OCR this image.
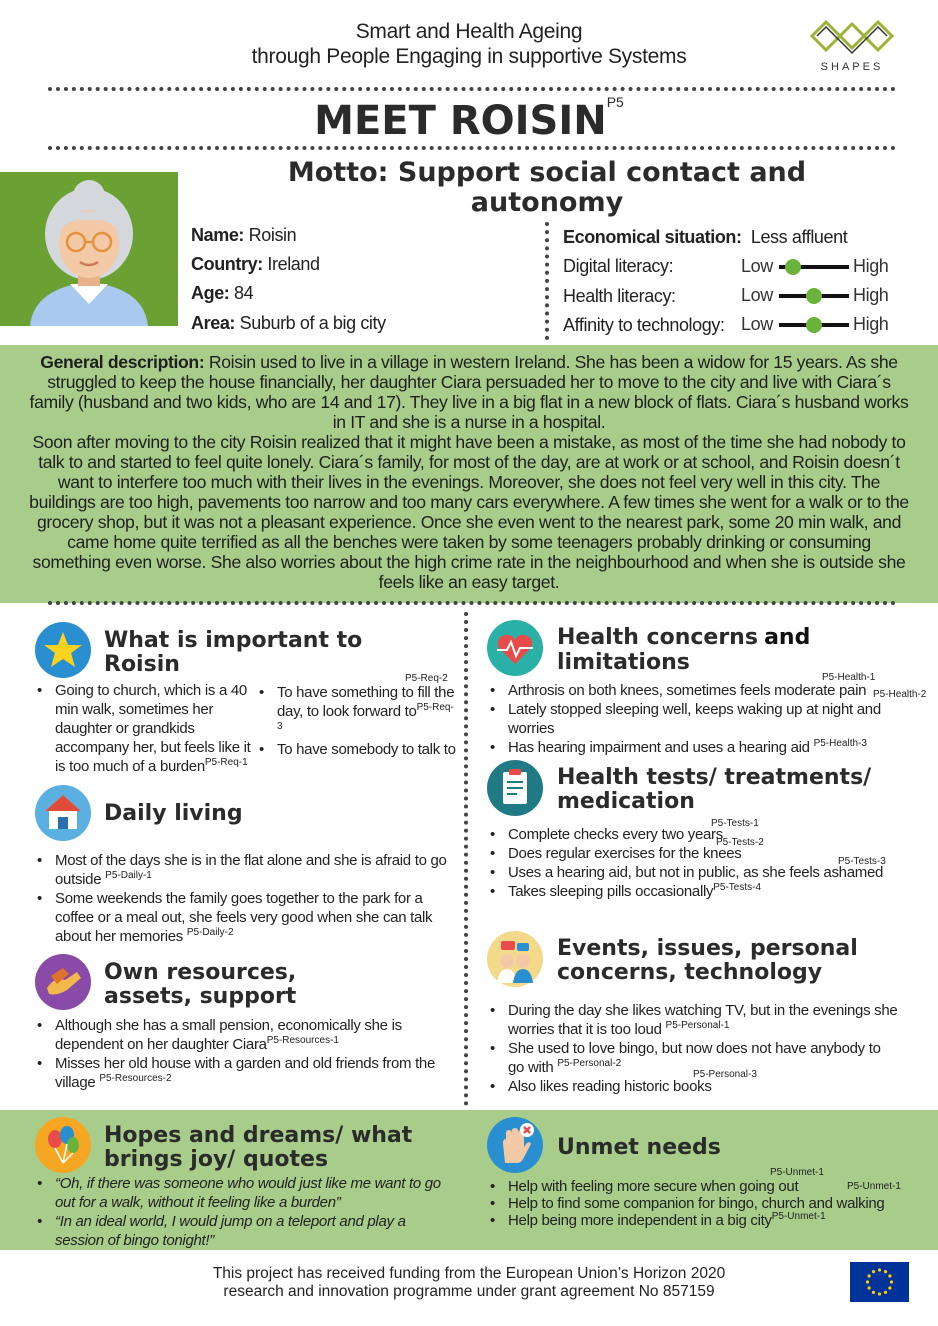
Smart and Health Ageing
through People Engaging in supportive Systems	SHAPES
MEET $ROISIN^{P5}$
Motto: Support social contact and autonomy
Name: Roisin
Country: Ireland
Age: 84
Area: Suburb of a big city
Economical situation: Less affluent
Digital literacy:	Low	High
Health literacy:	Low	High
Affinity to technology: Low	High

General description: Roisin used to live in a village in western Ireland. She has been a widow for 15 years. As she struggled to keep the house financially, her daughter Ciara persuaded her to move to the city and live with Ciara´s family (husband and two kids, who are 14 and 17). They live in a big flat in a new block of flats. Ciara´s husband works in IT and she is a nurse in a hospital.

Soon after moving to the city Roisin realized that it might have been a mistake, as most of the time she had nobody to talk to and started to feel quite lonely. Ciara´s family, for most of the day, are at work or at school, and Roisin doesn´t want to interfere too much with their lives in the evenings. Moreover, she does not feel very well in this city. The buildings are too high, pavements too narrow and too many cars everywhere. A few times she went for a walk or to the grocery shop, but it was not a pleasant experience. Once she even went to the nearest park, some 20 min walk, and came home quite terrified as all the benches were taken by some teenagers probably drinking or consuming something even worse. She also worries about the high crime rate in the neighbourhood and when she is outside she feels like an easy target.

What is important to Roisin
P5-Req-2
• Going to church, which is a 40 min walk, sometimes her daughter or grandkids accompany her, but feels like it is too much of a burden$^{P5-Req-1}$
• To have something to fill the day, to look forward $to^{P5-Req-3}$
• To have somebody to talk to
Daily living
• Most of the days she is in the flat alone and she is afraid to go outside $^{P5-Daily-1}$
• Some weekends the family goes together to the park for a coffee or a meal out, she feels very good when she can talk about her memories $^{P5-Daily-2}$
Own resources, assets, support
• Although she has a small pension, economically she is dependent on her daughter Ciara$^{P5-Resources-1}$
• Misses her old house with a garden and old friends from the village $^{P5-Resources-2}$
Health concerns and limitations
P5-Health-1
P5-Health-2
• Arthrosis on both knees, sometimes feels moderate pain
• Lately stopped sleeping well, keeps waking up at night and worries
• Has hearing impairment and uses a hearing aid $^{P5-Health-3}$
Health tests/ treatments/ medication
P5-Tests-1
P5-Tests-2
P5-Tests-3
• Complete checks every two years
• Does regular exercises for the knees
• Uses a hearing aid, but not in public, as she feels ashamed
• Takes sleeping pills occasionally$^{P5-Tests-4}$
Events, issues, personal concerns, technology
P5-Personal-3
• During the day she likes watching TV, but in the evenings she worries that it is too loud $^{P5-Personal-1}$
• She used to love bingo, but now does not have anybody to go with $^{P5-Personal-2}$
• Also likes reading historic books
Hopes and dreams/ what brings joy/ quotes
• “Oh, if there was someone who would just like me want to go out for a walk, without it feeling like a burden”
• “In an ideal world, I would jump on a teleport and play a session of bingo tonight!”
Unmet needs
P5-Unmet-1
P5-Unmet-1
• Help with feeling more secure when going out
• Help to find some companion for bingo, church and walking
• Help being more independent in a big city$^{P5-Unmet-1}$
This project has received funding from the European Union’s Horizon 2020
research and innovation programme under grant agreement No 857159
